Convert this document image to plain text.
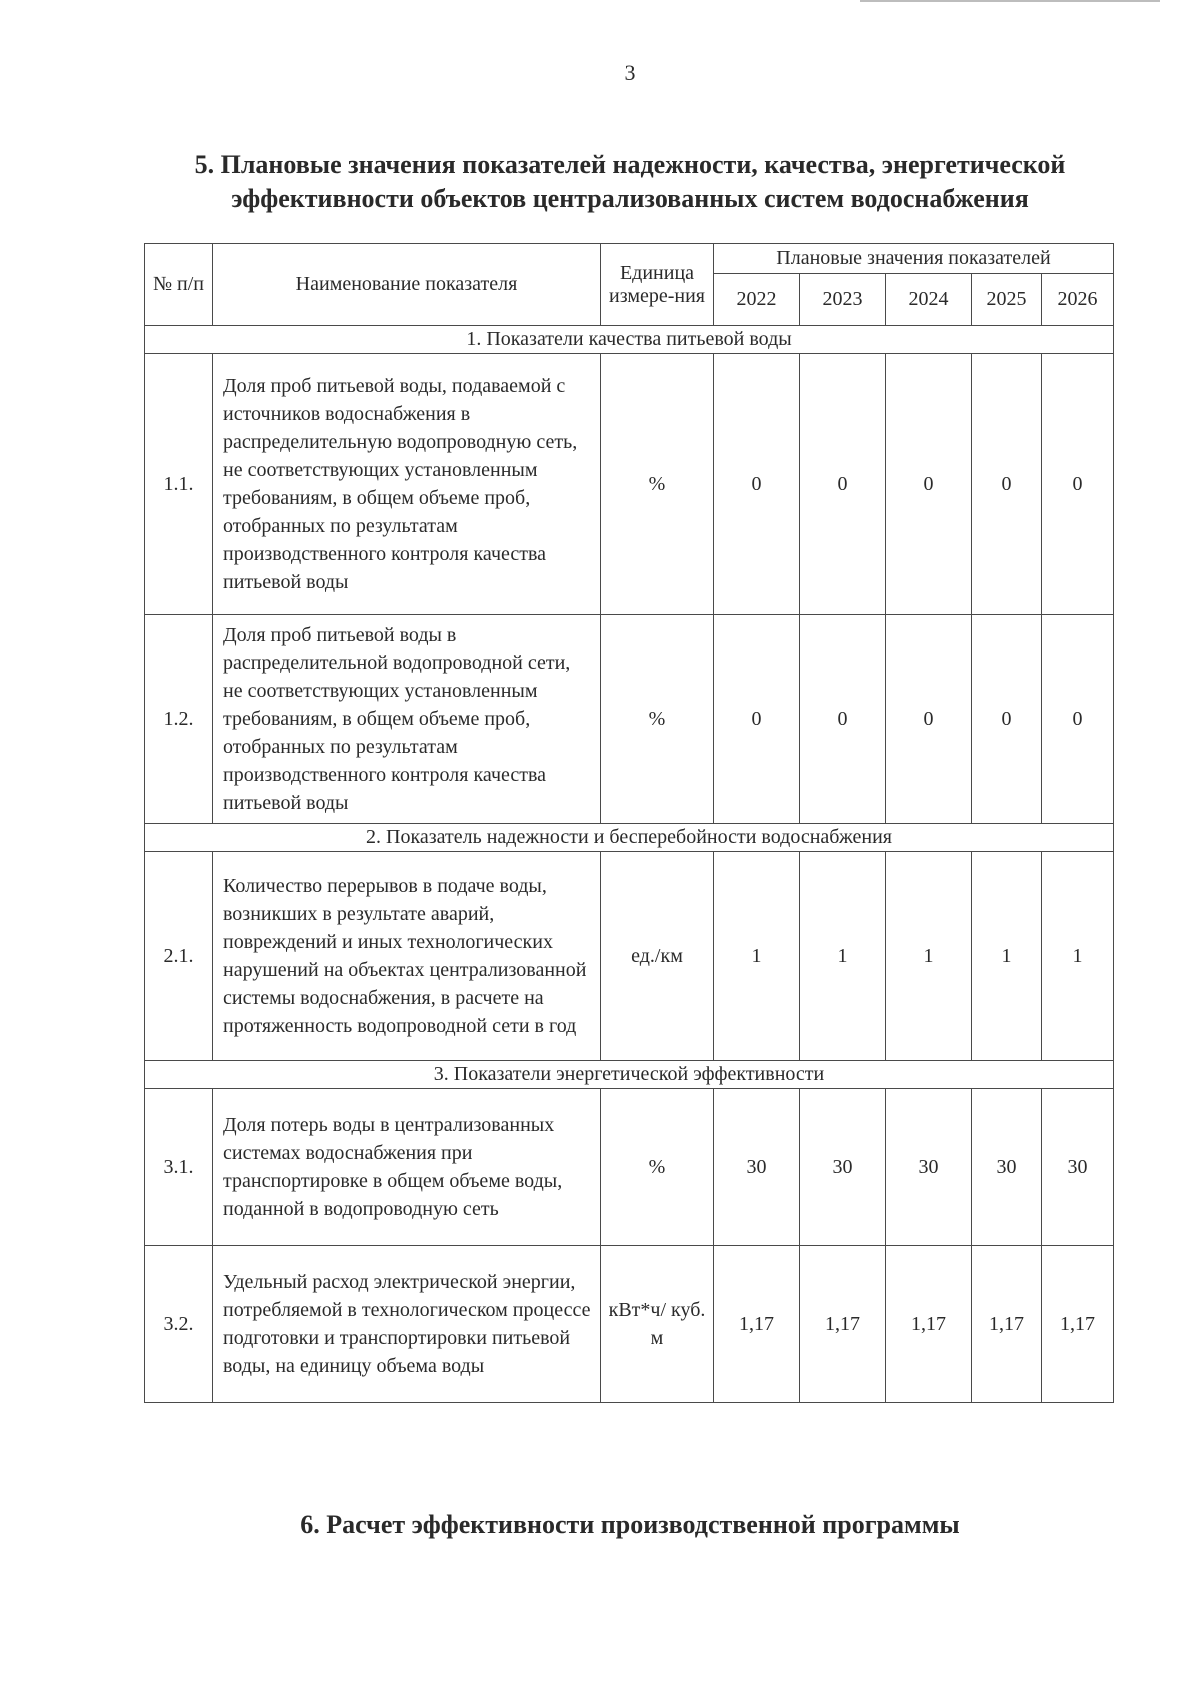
3
5. Плановые значения показателей надежности, качества, энергетической эффективности объектов централизованных систем водоснабжения
№ п/п	Наименование показателя	Единица измере-ния	Плановые значения показателей				
			2022	2023	2024	2025	2026
1. Показатели качества питьевой воды							
1.1.	Доля проб питьевой воды, подаваемой с источников водоснабжения в распределительную водопроводную сеть, не соответствующих установленным требованиям, в общем объеме проб, отобранных по результатам производственного контроля качества питьевой воды	%	0	0	0	0	0
1.2.	Доля проб питьевой воды в распределительной водопроводной сети, не соответствующих установленным требованиям, в общем объеме проб, отобранных по результатам производственного контроля качества питьевой воды	%	0	0	0	0	0
2. Показатель надежности и бесперебойности водоснабжения							
2.1.	Количество перерывов в подаче воды, возникших в результате аварий, повреждений и иных технологических нарушений на объектах централизованной системы водоснабжения, в расчете на протяженность водопроводной сети в год	ед./км	1	1	1	1	1
3. Показатели энергетической эффективности							
3.1.	Доля потерь воды в централизованных системах водоснабжения при транспортировке в общем объеме воды, поданной в водопроводную сеть	%	30	30	30	30	30
3.2.	Удельный расход электрической энергии, потребляемой в технологическом процессе подготовки и транспортировки питьевой воды, на единицу объема воды	кВт*ч/ куб. м	1,17	1,17	1,17	1,17	1,17
6. Расчет эффективности производственной программы
